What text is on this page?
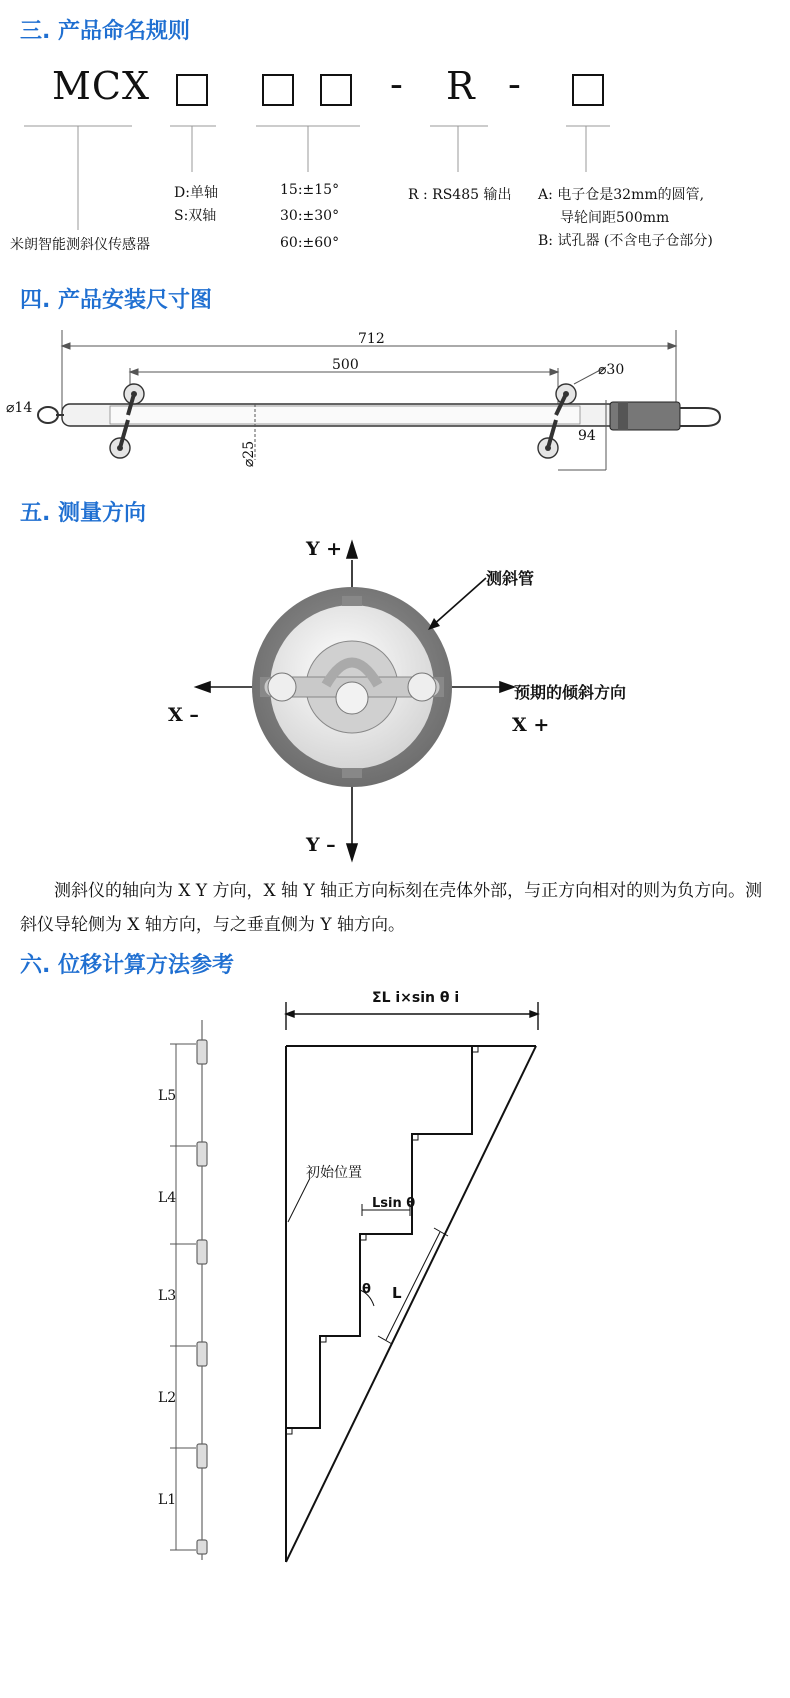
三. 产品命名规则
MCX	- R -
米朗智能测斜仪传感器
D:单轴
S:双轴
15:±15°
30:±30°
60:±60°
R : RS485 输出 A: 电子仓是32mm的圆管,
导轮间距500mm
B: 试孔器 (不含电子仓部分)
四. 产品安装尺寸图
712
500	⌀30
⌀14
⌀25
94
五. 测量方向
Y +
Y –
X –	X +
测斜管
预期的倾斜方向
测斜仪的轴向为 X Y 方向，X 轴 Y 轴正方向标刻在壳体外部，与正方向相对的则为负方向。测斜仪导轮侧为 X 轴方向，与之垂直侧为 Y 轴方向。
六. 位移计算方法参考
L5
L4
L3
L2
L1
ΣL i×sin θ i
初始位置
Lsin θ
θ L
